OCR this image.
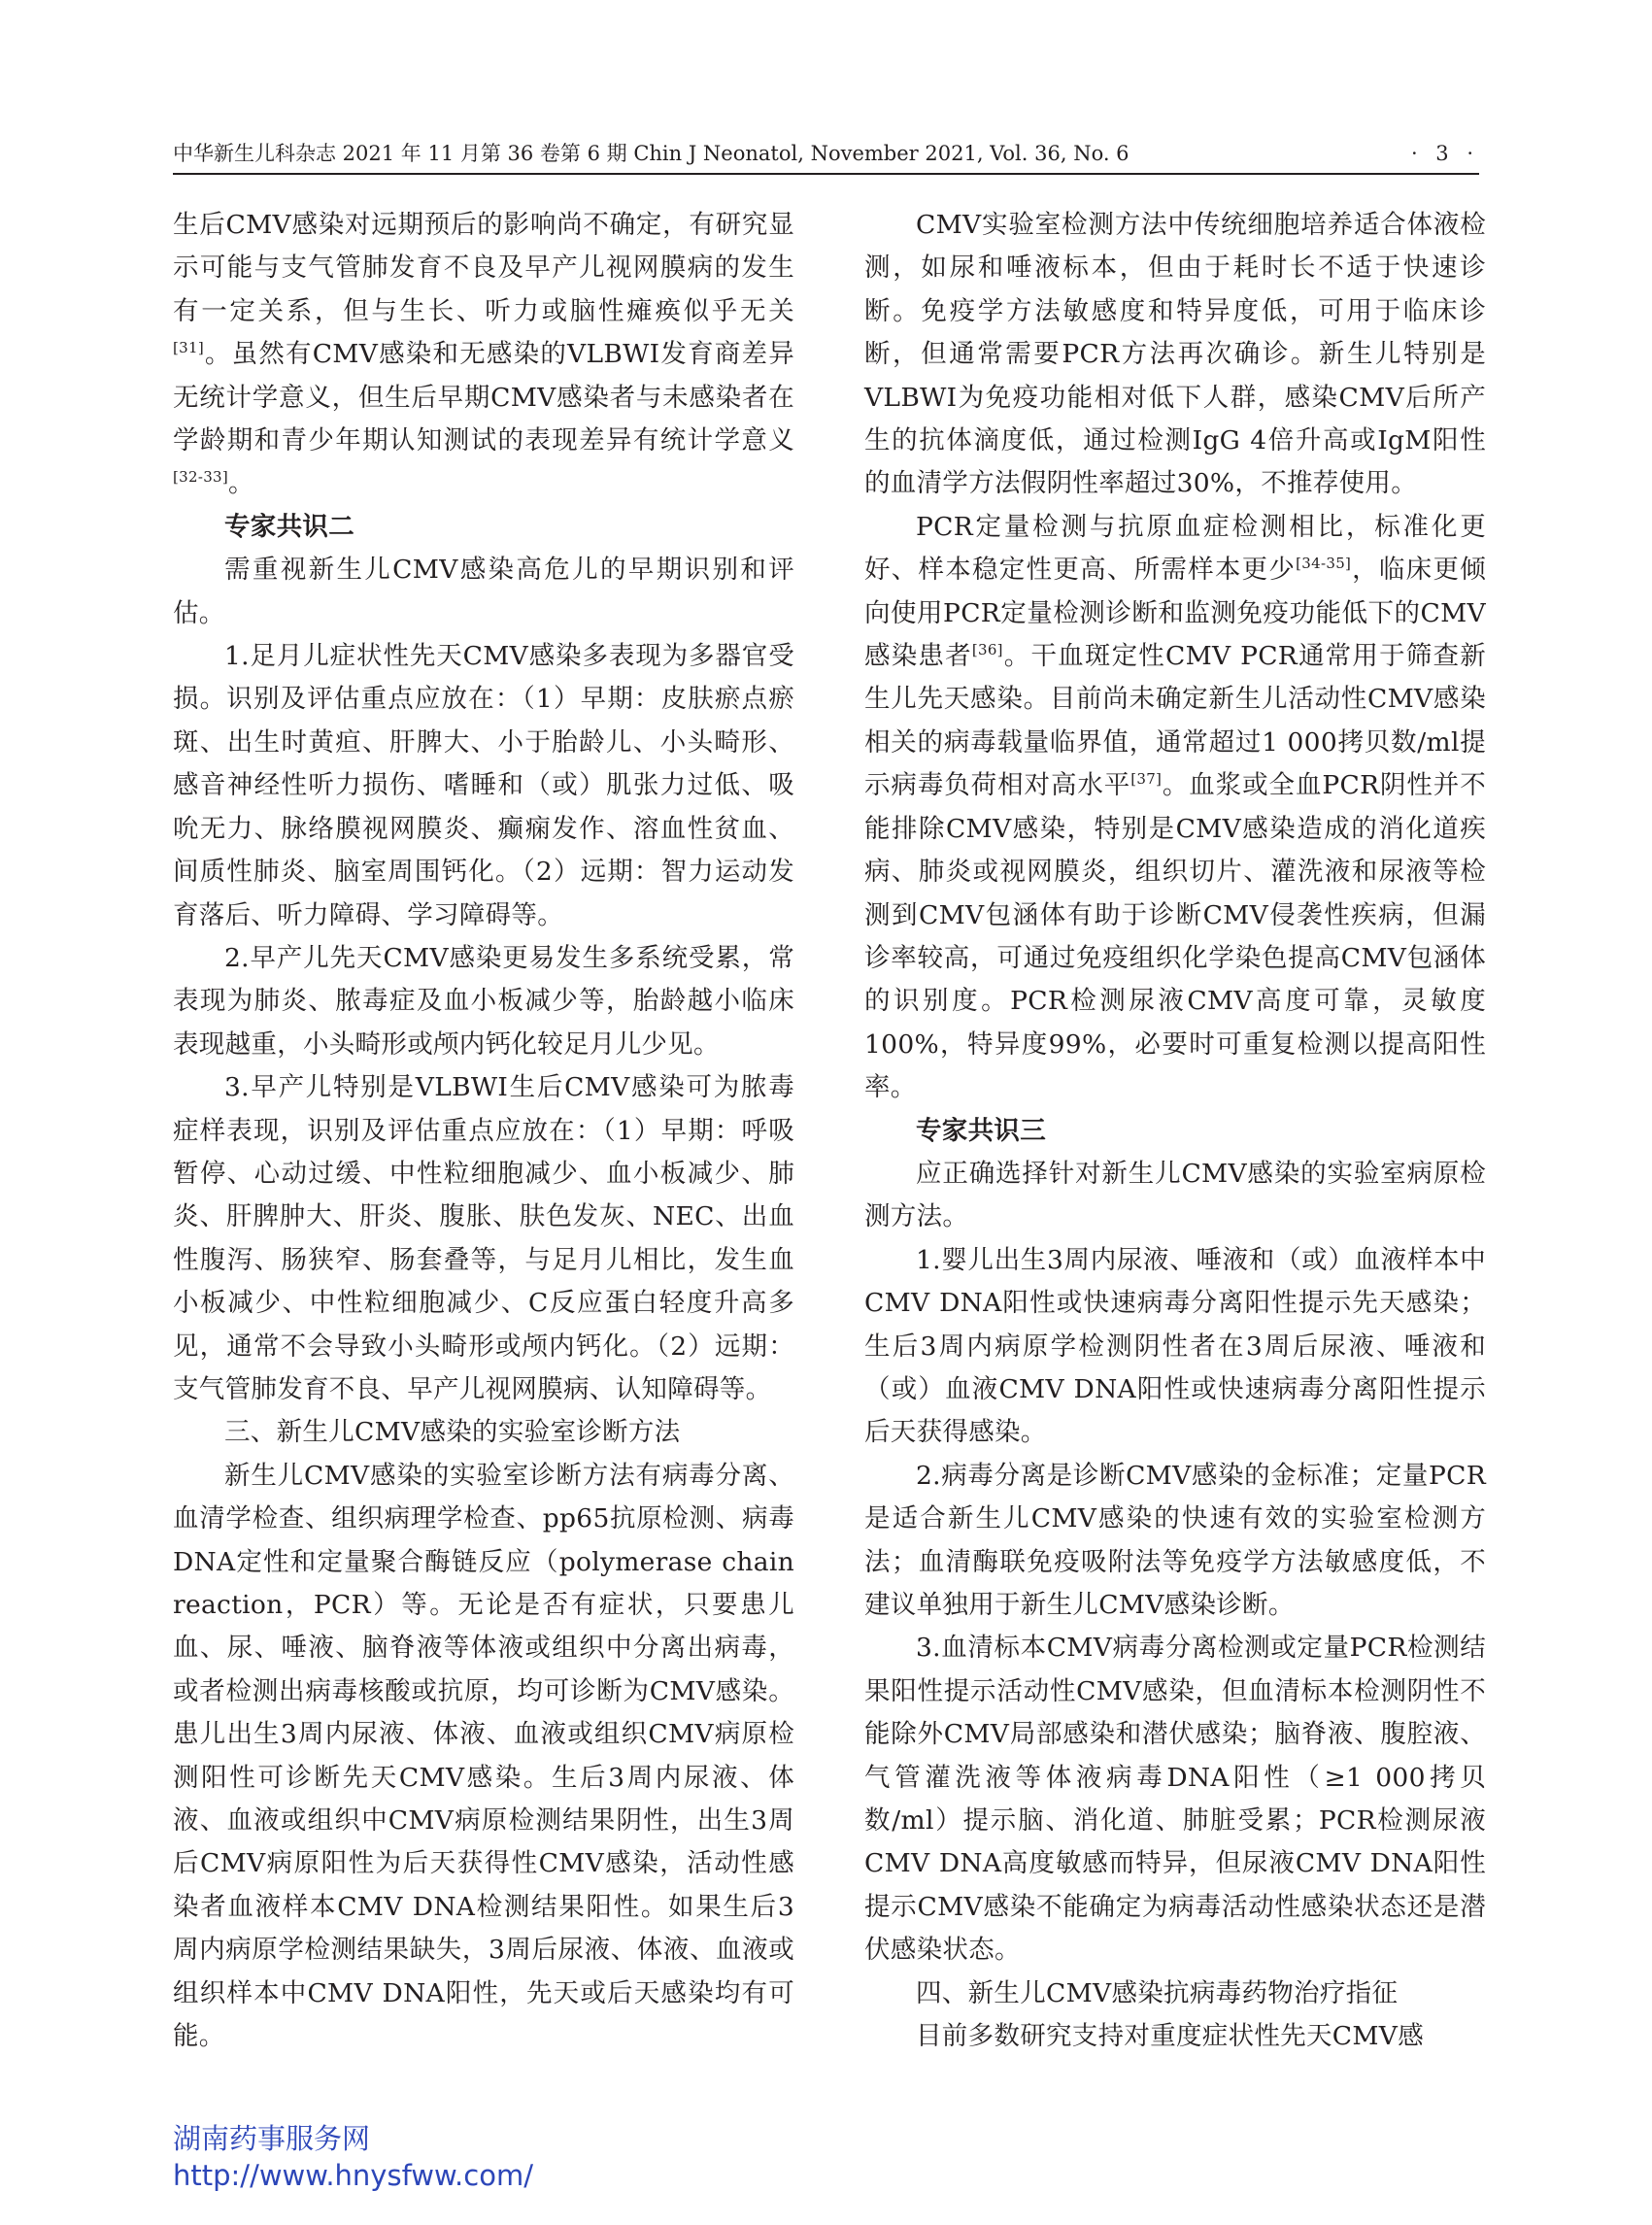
中华新生儿科杂志 2021 年 11 月第 36 卷第 6 期 Chin J Neonatol, November 2021, Vol. 36, No. 6	· 3 ·

生后CMV感染对远期预后的影响尚不确定，有研究显示可能与支气管肺发育不良及早产儿视网膜病的发生有一定关系，但与生长、听力或脑性瘫痪似乎无关[31]。虽然有CMV感染和无感染的VLBWI发育商差异无统计学意义，但生后早期CMV感染者与未感染者在学龄期和青少年期认知测试的表现差异有统计学意义[32-33]。

专家共识二

需重视新生儿CMV感染高危儿的早期识别和评估。

1.足月儿症状性先天CMV感染多表现为多器官受损。识别及评估重点应放在：（1）早期：皮肤瘀点瘀斑、出生时黄疸、肝脾大、小于胎龄儿、小头畸形、感音神经性听力损伤、嗜睡和（或）肌张力过低、吸吮无力、脉络膜视网膜炎、癫痫发作、溶血性贫血、间质性肺炎、脑室周围钙化。（2）远期：智力运动发育落后、听力障碍、学习障碍等。

2.早产儿先天CMV感染更易发生多系统受累，常表现为肺炎、脓毒症及血小板减少等，胎龄越小临床表现越重，小头畸形或颅内钙化较足月儿少见。

3.早产儿特别是VLBWI生后CMV感染可为脓毒症样表现，识别及评估重点应放在：（1）早期：呼吸暂停、心动过缓、中性粒细胞减少、血小板减少、肺炎、肝脾肿大、肝炎、腹胀、肤色发灰、NEC、出血性腹泻、肠狭窄、肠套叠等，与足月儿相比，发生血小板减少、中性粒细胞减少、C反应蛋白轻度升高多见，通常不会导致小头畸形或颅内钙化。（2）远期：支气管肺发育不良、早产儿视网膜病、认知障碍等。

三、新生儿CMV感染的实验室诊断方法

新生儿CMV感染的实验室诊断方法有病毒分离、血清学检查、组织病理学检查、pp65抗原检测、病毒DNA定性和定量聚合酶链反应（polymerase chain reaction，PCR）等。无论是否有症状，只要患儿血、尿、唾液、脑脊液等体液或组织中分离出病毒，或者检测出病毒核酸或抗原，均可诊断为CMV感染。患儿出生3周内尿液、体液、血液或组织CMV病原检测阳性可诊断先天CMV感染。生后3周内尿液、体液、血液或组织中CMV病原检测结果阴性，出生3周后CMV病原阳性为后天获得性CMV感染，活动性感染者血液样本CMV DNA检测结果阳性。如果生后3周内病原学检测结果缺失，3周后尿液、体液、血液或组织样本中CMV DNA阳性，先天或后天感染均有可能。

CMV实验室检测方法中传统细胞培养适合体液检测，如尿和唾液标本，但由于耗时长不适于快速诊断。免疫学方法敏感度和特异度低，可用于临床诊断，但通常需要PCR方法再次确诊。新生儿特别是VLBWI为免疫功能相对低下人群，感染CMV后所产生的抗体滴度低，通过检测IgG 4倍升高或IgM阳性的血清学方法假阴性率超过30%，不推荐使用。

PCR定量检测与抗原血症检测相比，标准化更好、样本稳定性更高、所需样本更少[34-35]，临床更倾向使用PCR定量检测诊断和监测免疫功能低下的CMV感染患者[36]。干血斑定性CMV PCR通常用于筛查新生儿先天感染。目前尚未确定新生儿活动性CMV感染相关的病毒载量临界值，通常超过1 000拷贝数/ml提示病毒负荷相对高水平[37]。血浆或全血PCR阴性并不能排除CMV感染，特别是CMV感染造成的消化道疾病、肺炎或视网膜炎，组织切片、灌洗液和尿液等检测到CMV包涵体有助于诊断CMV侵袭性疾病，但漏诊率较高，可通过免疫组织化学染色提高CMV包涵体的识别度。PCR检测尿液CMV高度可靠，灵敏度100%，特异度99%，必要时可重复检测以提高阳性率。

专家共识三

应正确选择针对新生儿CMV感染的实验室病原检测方法。

1.婴儿出生3周内尿液、唾液和（或）血液样本中CMV DNA阳性或快速病毒分离阳性提示先天感染；生后3周内病原学检测阴性者在3周后尿液、唾液和（或）血液CMV DNA阳性或快速病毒分离阳性提示后天获得感染。

2.病毒分离是诊断CMV感染的金标准；定量PCR是适合新生儿CMV感染的快速有效的实验室检测方法；血清酶联免疫吸附法等免疫学方法敏感度低，不建议单独用于新生儿CMV感染诊断。

3.血清标本CMV病毒分离检测或定量PCR检测结果阳性提示活动性CMV感染，但血清标本检测阴性不能除外CMV局部感染和潜伏感染；脑脊液、腹腔液、气管灌洗液等体液病毒DNA阳性（≥1 000拷贝数/ml）提示脑、消化道、肺脏受累；PCR检测尿液CMV DNA高度敏感而特异，但尿液CMV DNA阳性提示CMV感染不能确定为病毒活动性感染状态还是潜伏感染状态。

四、新生儿CMV感染抗病毒药物治疗指征

目前多数研究支持对重度症状性先天CMV感

湖南药事服务网
http://www.hnysfww.com/
